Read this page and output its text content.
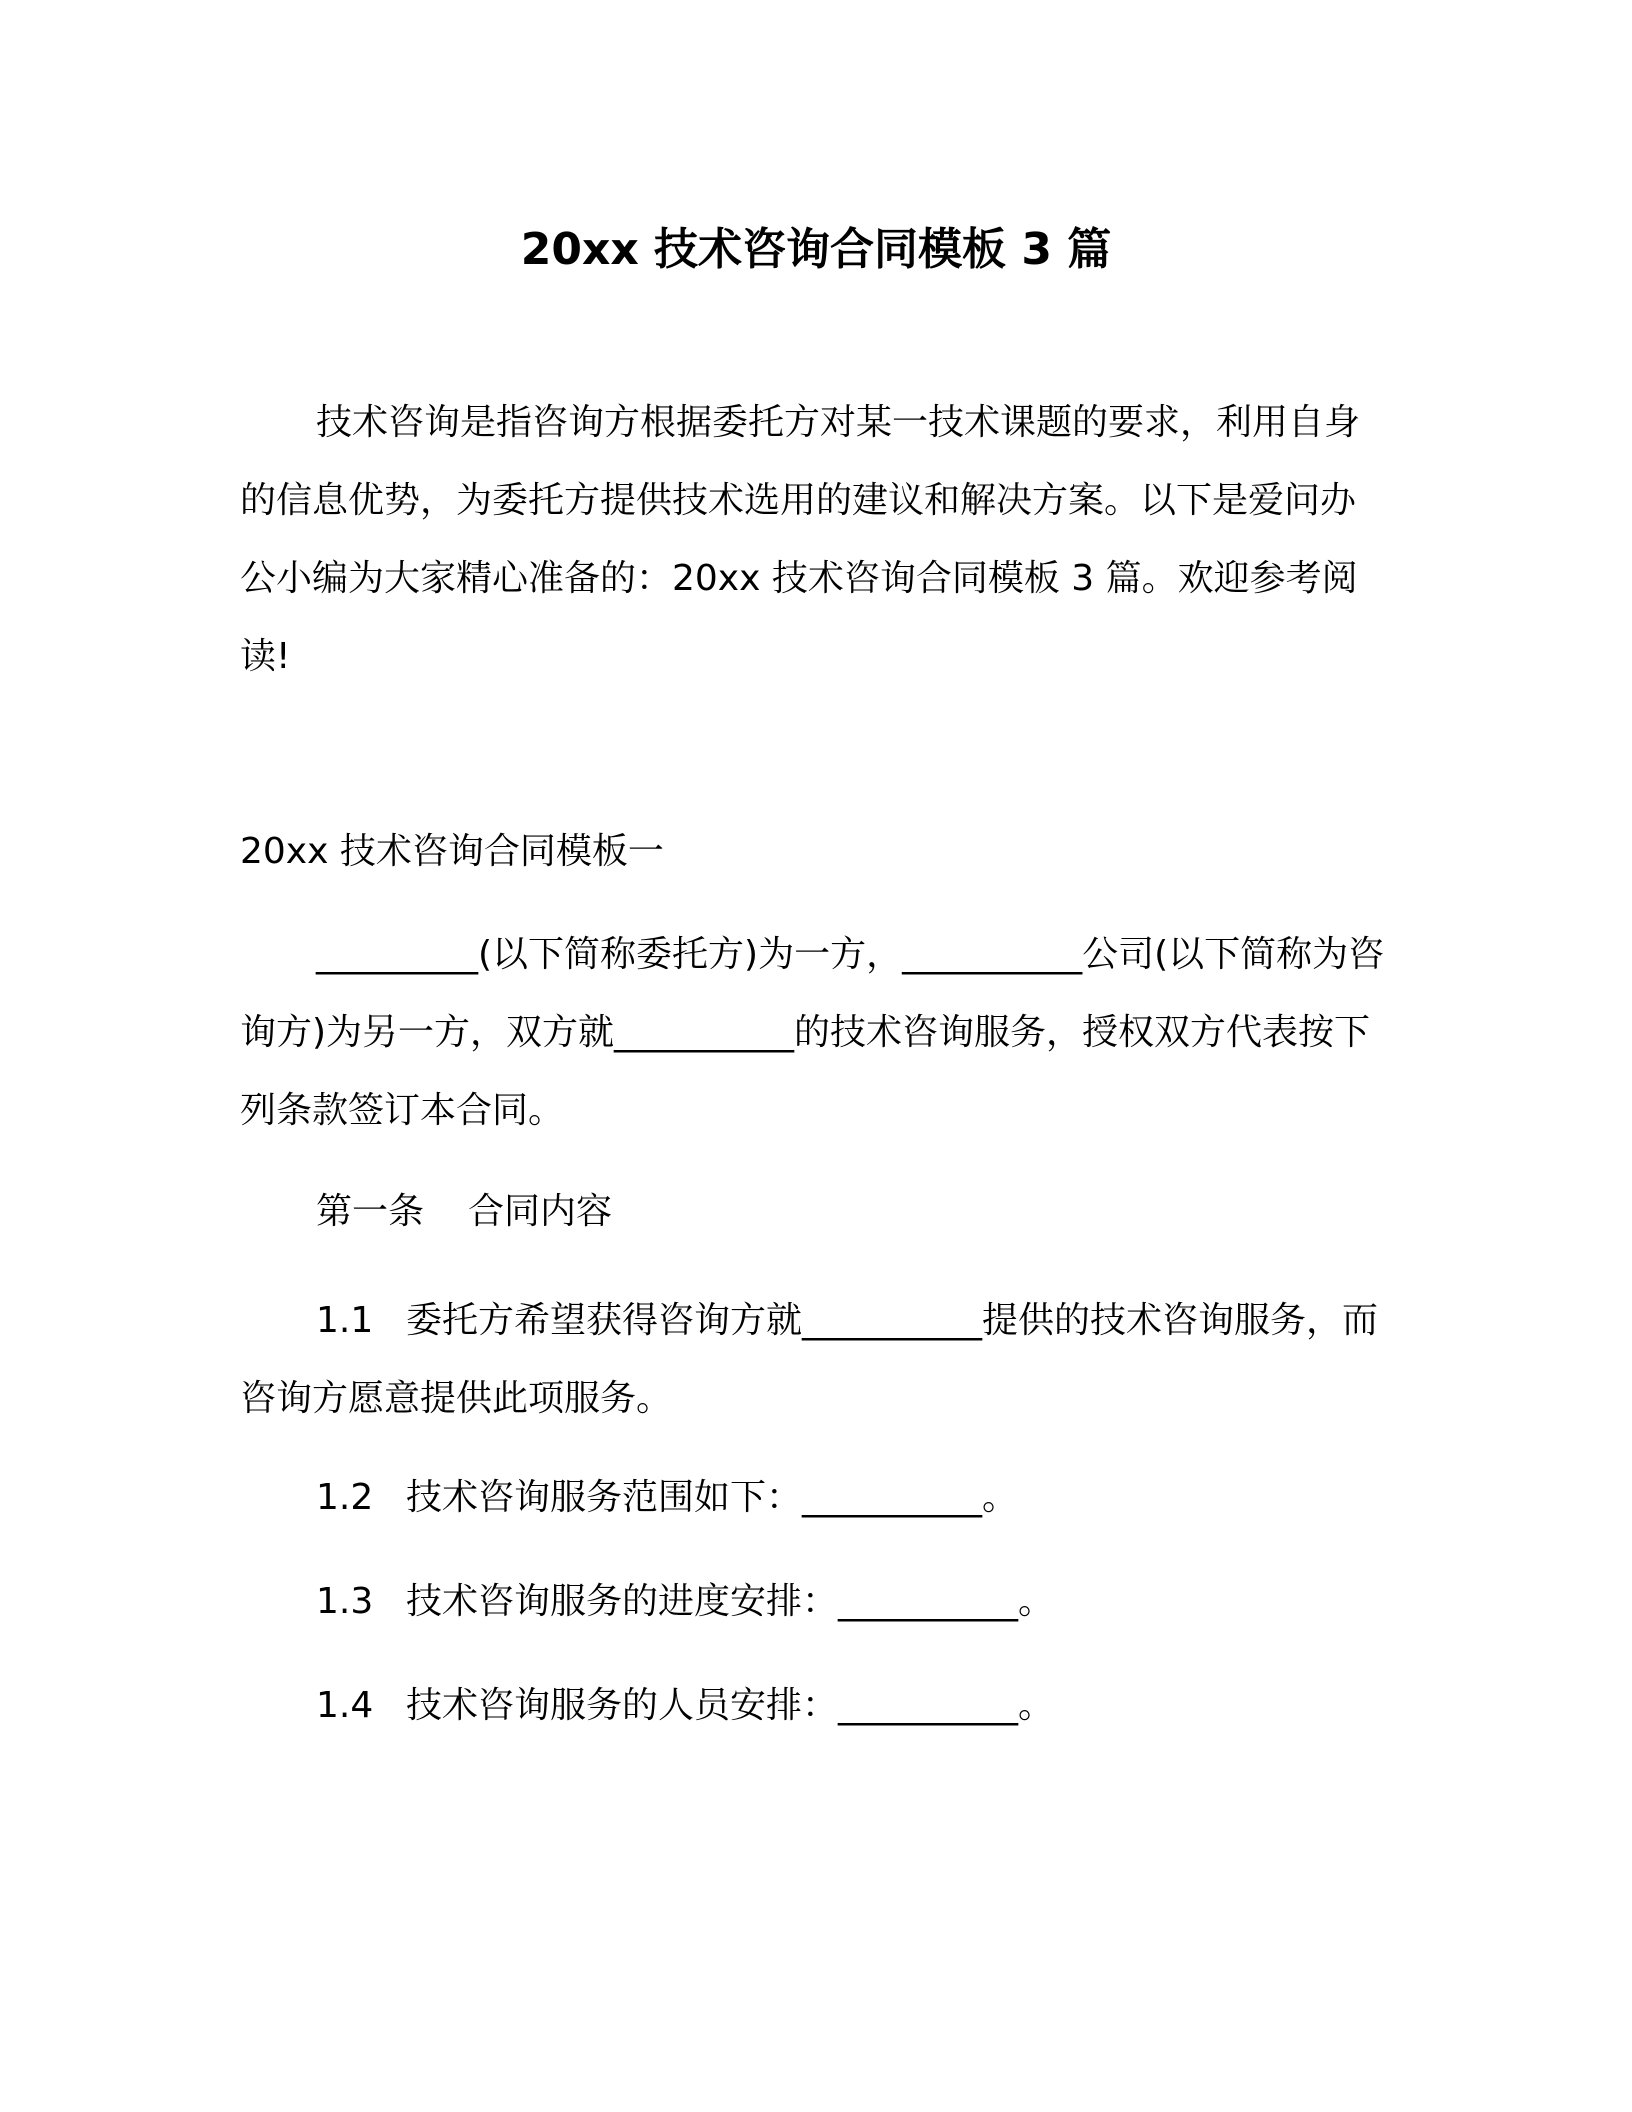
20xx 技术咨询合同模板 3 篇

技术咨询是指咨询方根据委托方对某一技术课题的要求，利用自身的信息优势，为委托方提供技术选用的建议和解决方案。以下是爱问办公小编为大家精心准备的：20xx 技术咨询合同模板 3 篇。欢迎参考阅读!

20xx 技术咨询合同模板一

_________(以下简称委托方)为一方，__________公司(以下简称为咨询方)为另一方，双方就__________的技术咨询服务，授权双方代表按下列条款签订本合同。

第一条 合同内容

1.1 委托方希望获得咨询方就__________提供的技术咨询服务，而咨询方愿意提供此项服务。

1.2 技术咨询服务范围如下：__________。
1.3 技术咨询服务的进度安排：__________。
1.4 技术咨询服务的人员安排：__________。
